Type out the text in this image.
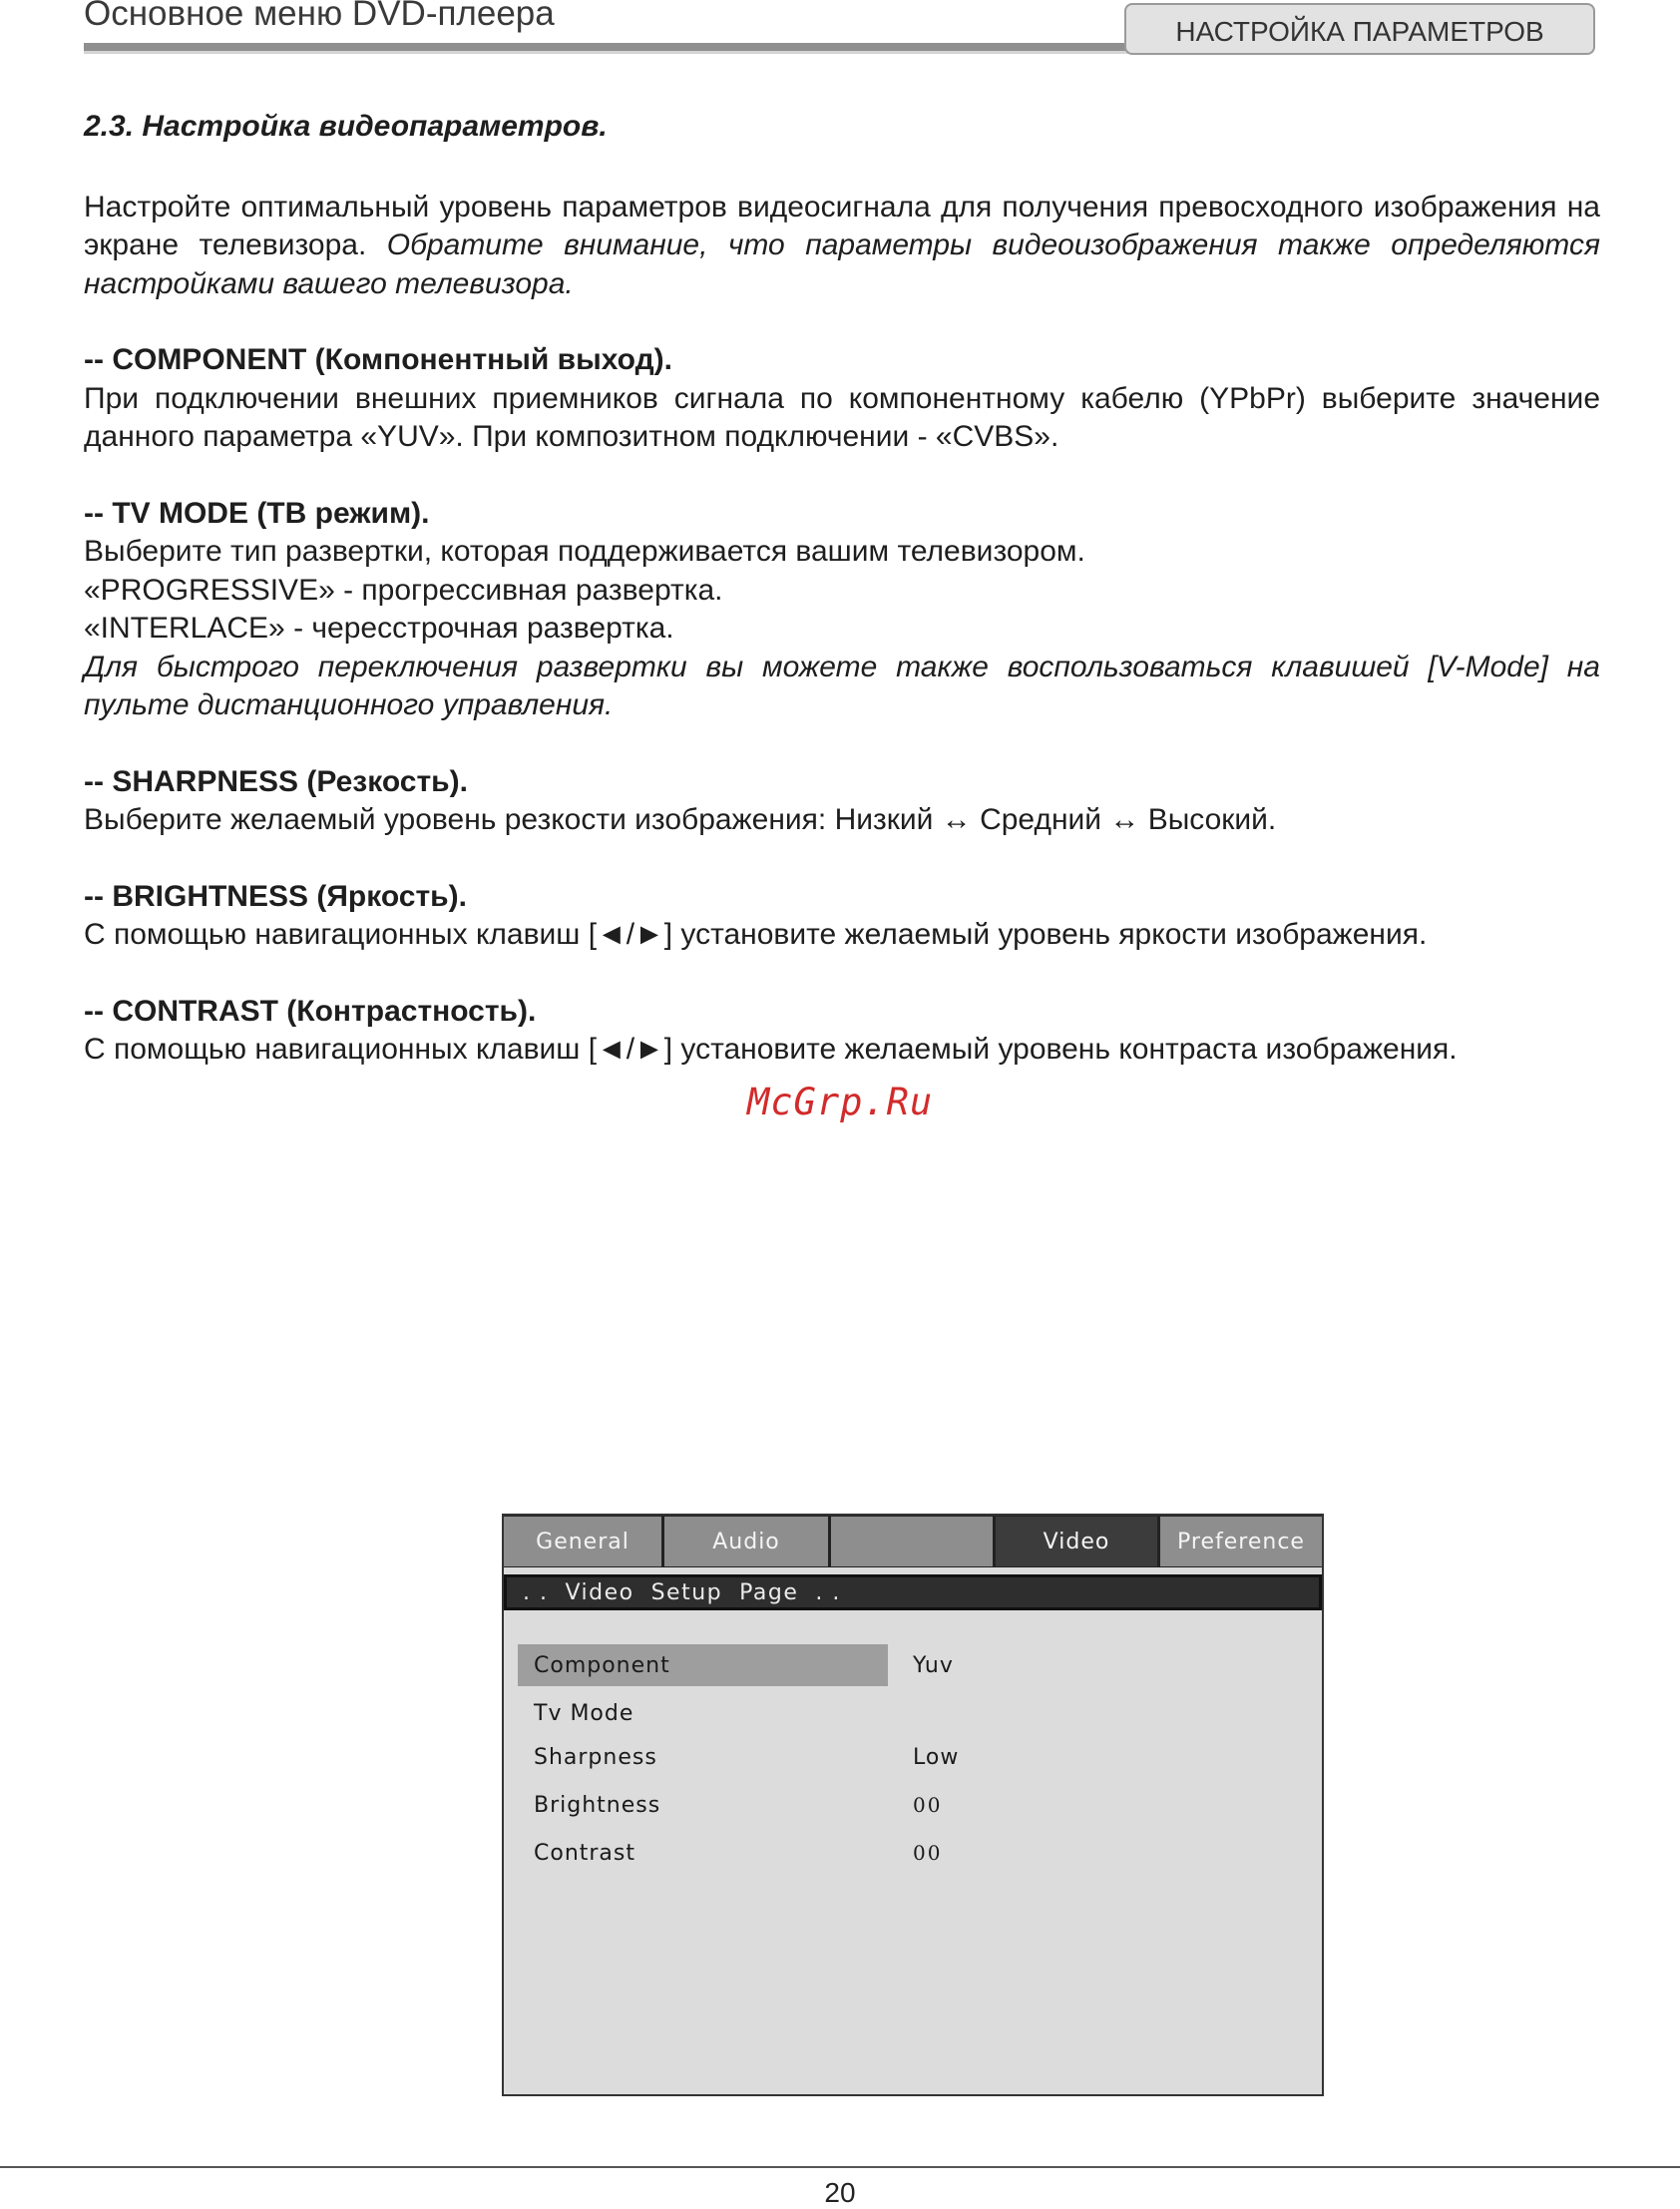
Основное меню DVD-плеера	НАСТРОЙКА ПАРАМЕТРОВ

2.3. Настройка видеопараметров.

Настройте оптимальный уровень параметров видеосигнала для получения превосходного изображения на экране телевизора. Обратите внимание, что параметры видеоизображения также определяются настройками вашего телевизора.

-- COMPONENT (Компонентный выход).

При подключении внешних приемников сигнала по компонентному кабелю (YPbPr) выберите значение данного параметра «YUV». При композитном подключении - «CVBS».

-- TV MODE (ТВ режим).

Выберите тип развертки, которая поддерживается вашим телевизором.

«PROGRESSIVE» - прогрессивная развертка.

«INTERLACE» - чересстрочная развертка.

Для быстрого переключения развертки вы можете также воспользоваться клавишей [V-Mode] на пульте дистанционного управления.

-- SHARPNESS (Резкость).

Выберите желаемый уровень резкости изображения: Низкий ↔ Средний ↔ Высокий.

-- BRIGHTNESS (Яркость).

С помощью навигационных клавиш [◄/►] установите желаемый уровень яркости изображения.

-- CONTRAST (Контрастность).

С помощью навигационных клавиш [◄/►] установите желаемый уровень контраста изображения.

McGrp.Ru
General	Audio	Video	Preference
. .  Video  Setup  Page  . .
Component	Yuv
Tv Mode
Sharpness	Low
Brightness	00
Contrast	00
20
